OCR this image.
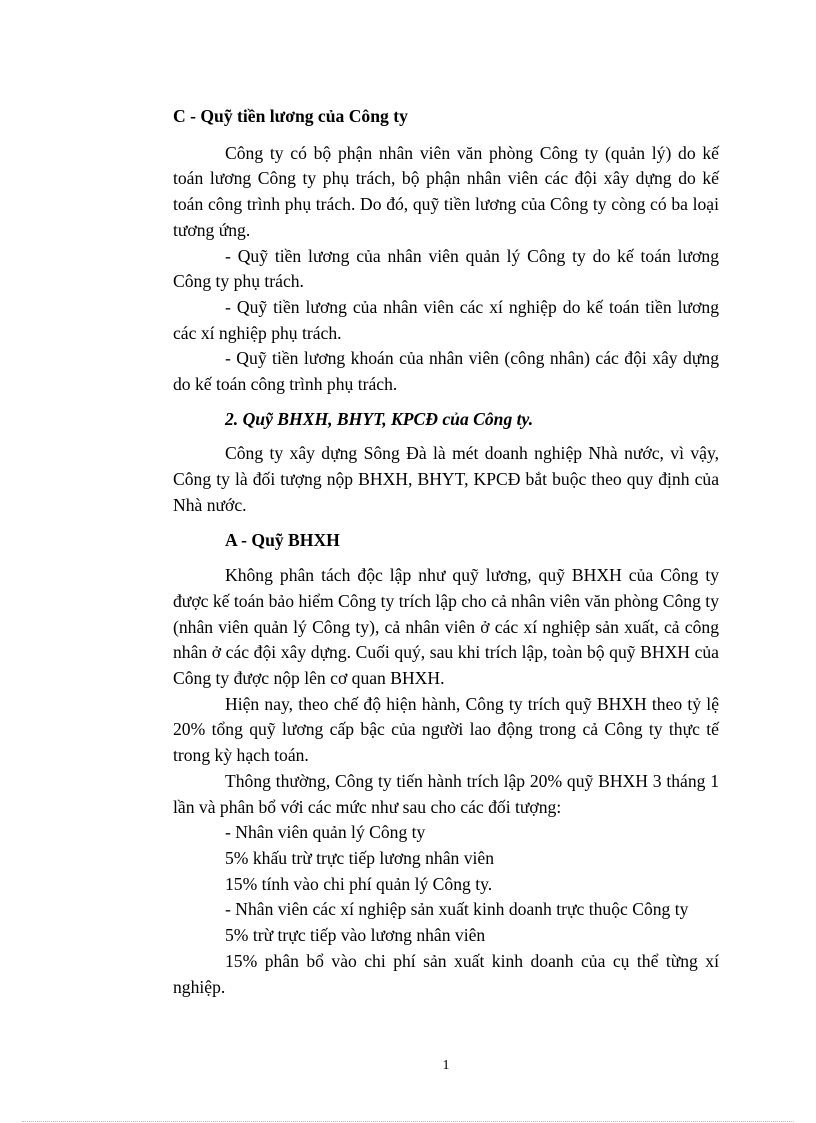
C - Quỹ tiền lương của Công ty

Công ty có bộ phận nhân viên văn phòng Công ty (quản lý) do kế toán lương Công ty phụ trách, bộ phận nhân viên các đội xây dựng do kế toán công trình phụ trách. Do đó, quỹ tiền lương của Công ty còng có ba loại tương ứng.

- Quỹ tiền lương của nhân viên quản lý Công ty do kế toán lương Công ty phụ trách.

- Quỹ tiền lương của nhân viên các xí nghiệp do kế toán tiền lương các xí nghiệp phụ trách.

- Quỹ tiền lương khoán của nhân viên (công nhân) các đội xây dựng do kế toán công trình phụ trách.

2. Quỹ BHXH, BHYT, KPCĐ của Công ty.

Công ty xây dựng Sông Đà là mét doanh nghiệp Nhà nước, vì vậy, Công ty là đối tượng nộp BHXH, BHYT, KPCĐ bắt buộc theo quy định của Nhà nước.

A - Quỹ BHXH

Không phân tách độc lập như quỹ lương, quỹ BHXH của Công ty được kế toán bảo hiểm Công ty trích lập cho cả nhân viên văn phòng Công ty (nhân viên quản lý Công ty), cả nhân viên ở các xí nghiệp sản xuất, cả công nhân ở các đội xây dựng. Cuối quý, sau khi trích lập, toàn bộ quỹ BHXH của Công ty được nộp lên cơ quan BHXH.

Hiện nay, theo chế độ hiện hành, Công ty trích quỹ BHXH theo tỷ lệ 20% tổng quỹ lương cấp bậc của người lao động trong cả Công ty thực tế trong kỳ hạch toán.

Thông thường, Công ty tiến hành trích lập 20% quỹ BHXH 3 tháng 1 lần và phân bổ với các mức như sau cho các đối tượng:

- Nhân viên quản lý Công ty

5% khấu trừ trực tiếp lương nhân viên

15% tính vào chi phí quản lý Công ty.

- Nhân viên các xí nghiệp sản xuất kinh doanh trực thuộc Công ty

5% trừ trực tiếp vào lương nhân viên

15% phân bổ vào chi phí sản xuất kinh doanh của cụ thể từng xí nghiệp.

1
